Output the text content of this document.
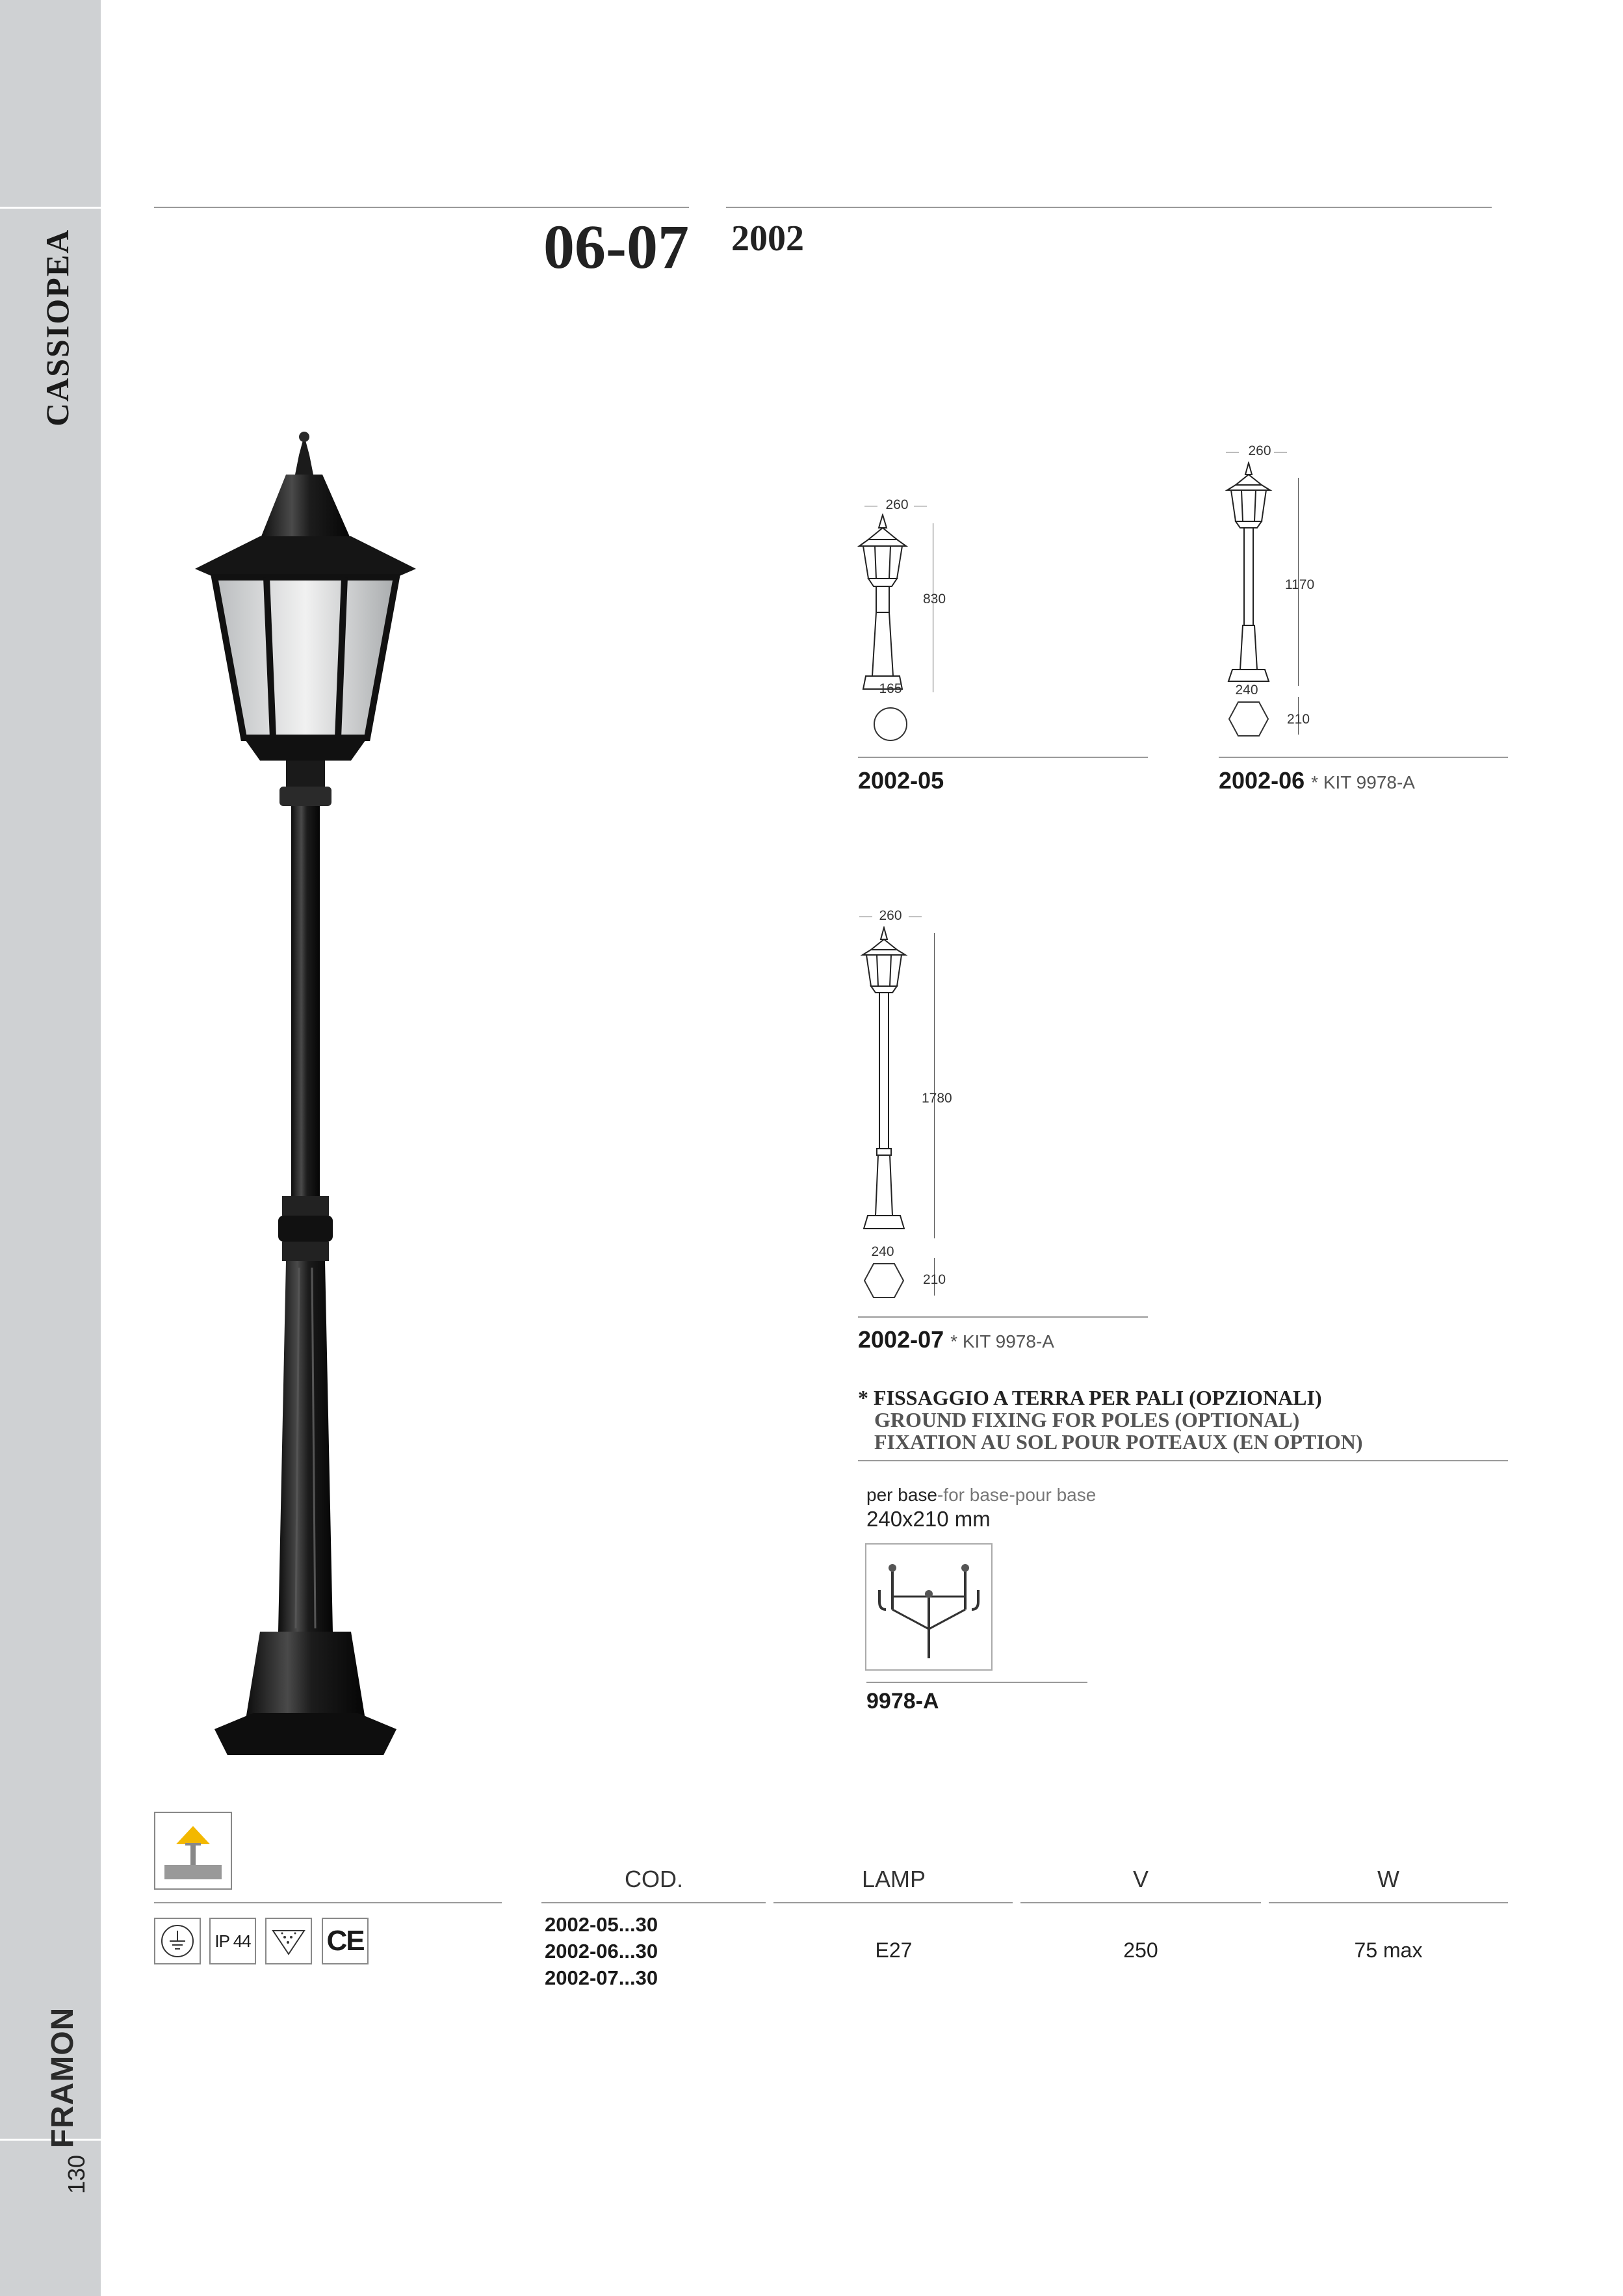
CASSIOPEA
FRAMON
130
06-07 2002
260
830
165
2002-05
260
1170
240
210
2002-06 * KIT 9978-A
260
1780
240
210
2002-07 * KIT 9978-A
* FISSAGGIO A TERRA PER PALI (OPZIONALI)
GROUND FIXING FOR POLES (OPTIONAL)
FIXATION AU SOL POUR POTEAUX (EN OPTION)
per base-for base-pour base
240x210 mm
9978-A
IP 44	CE
COD.	LAMP	V	W
2002-05...30
2002-06...30
2002-07...30
E27	250	75 max
